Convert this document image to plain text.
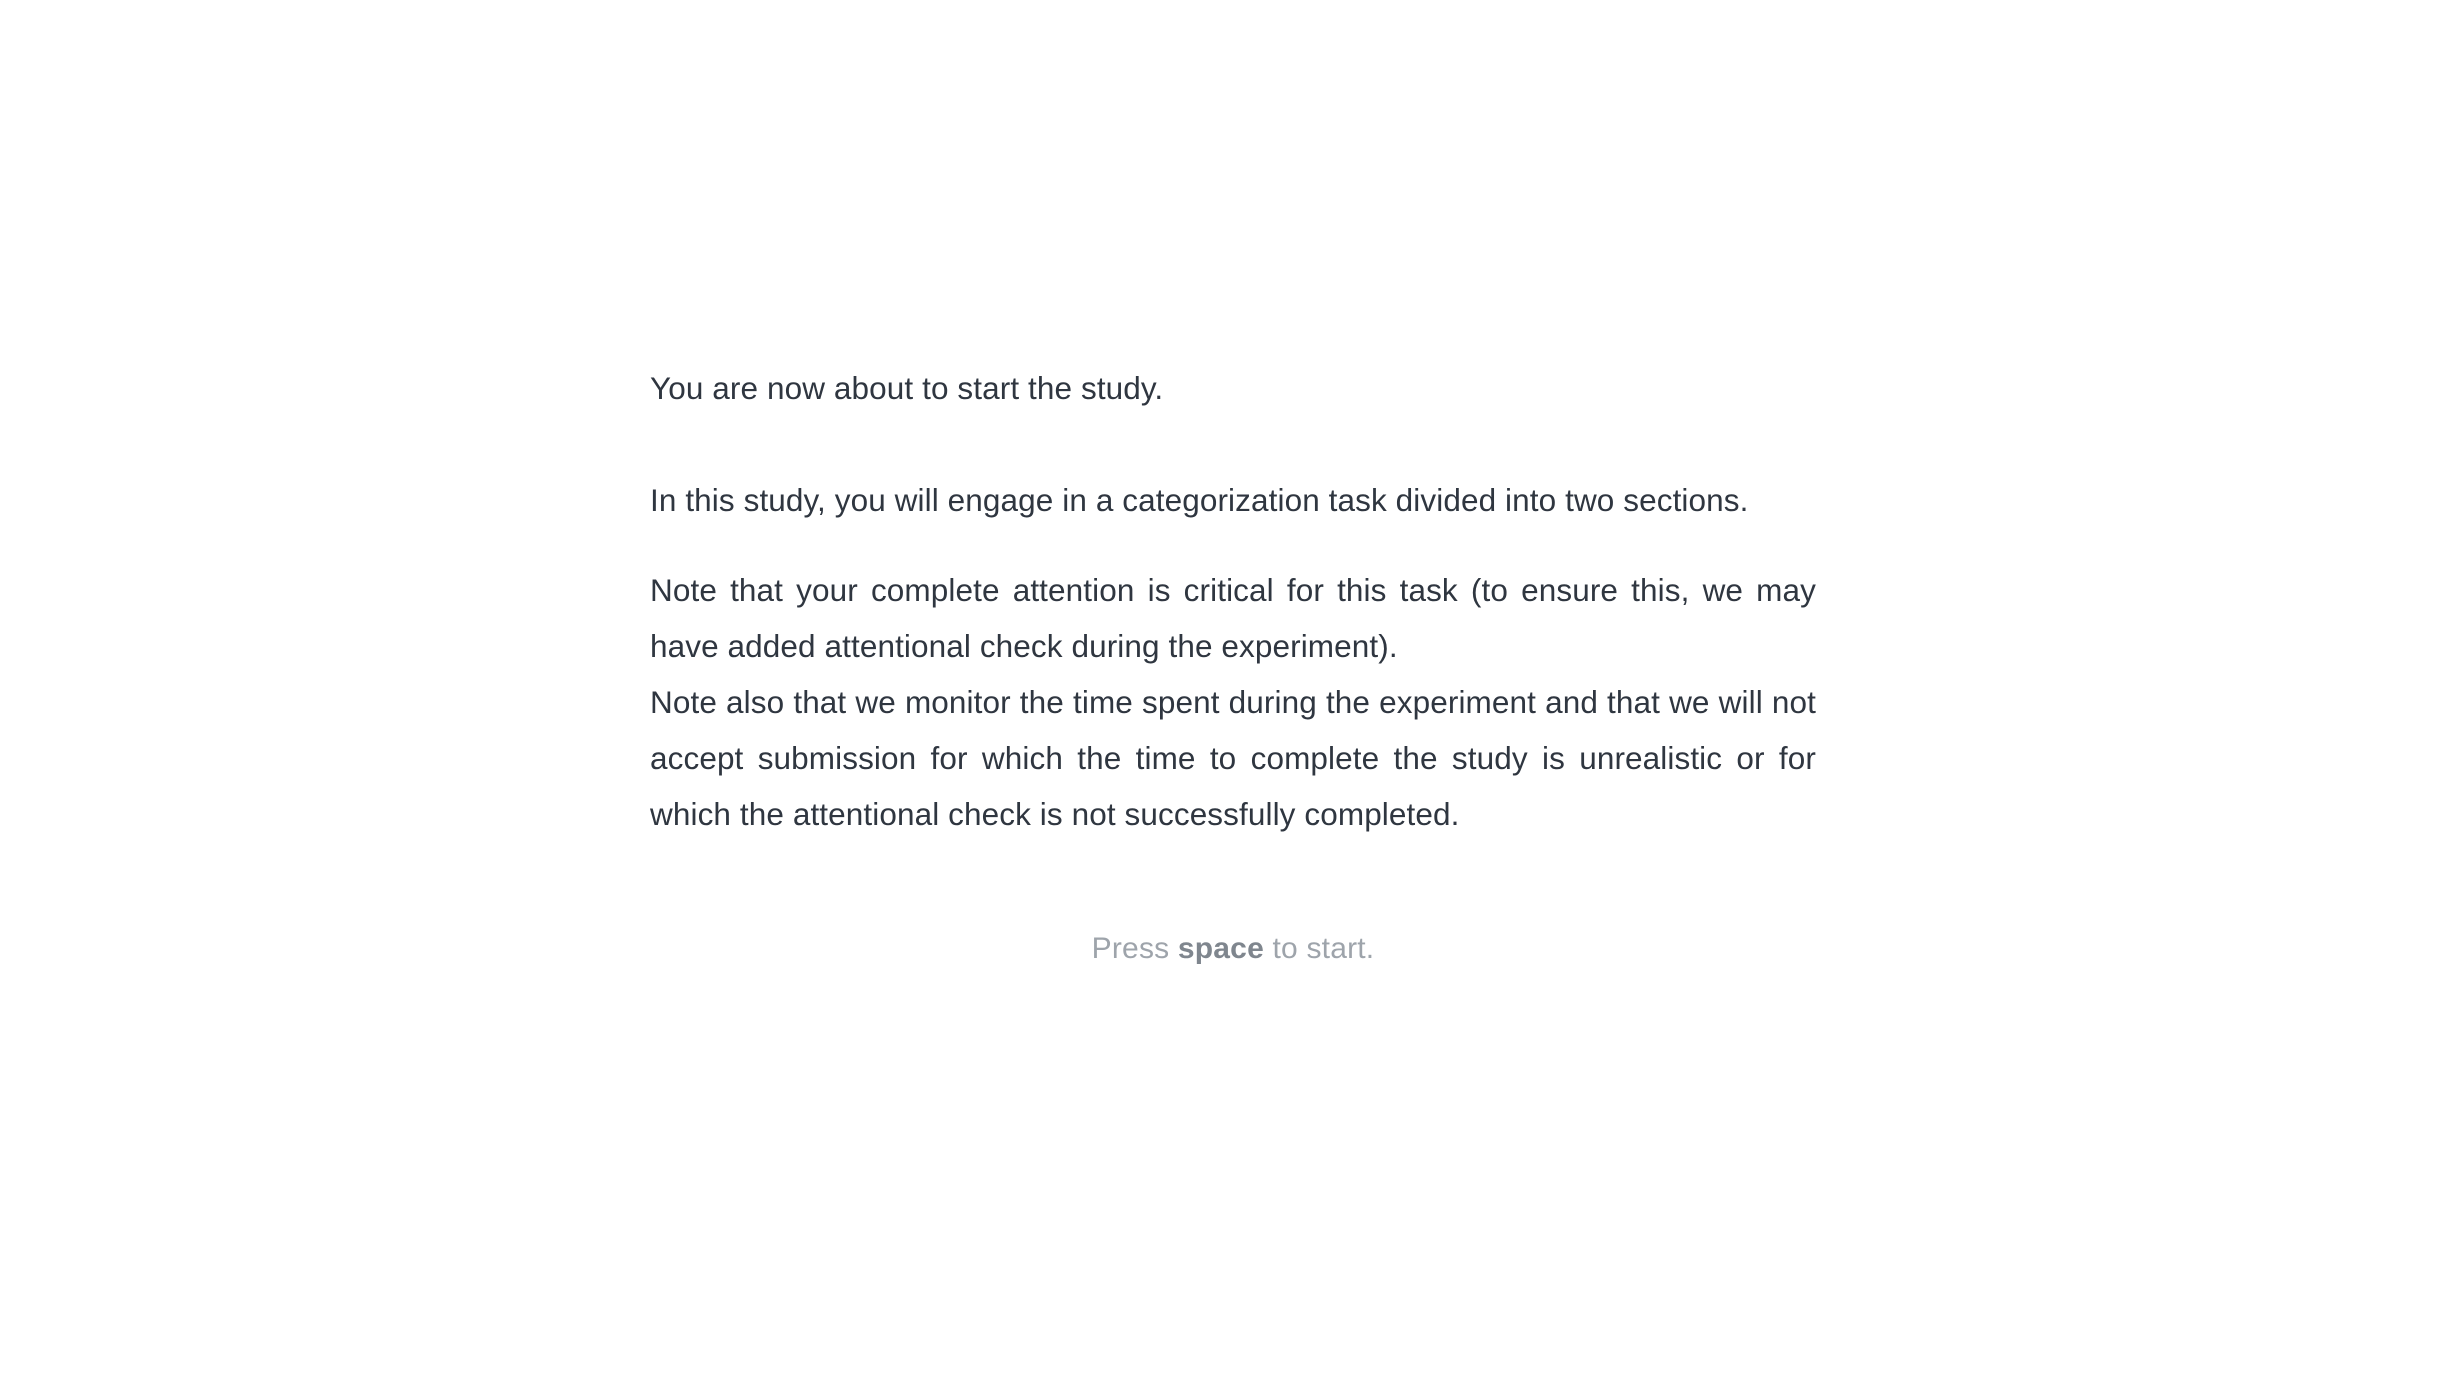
You are now about to start the study.

In this study, you will engage in a categorization task divided into two sections.

Note that your complete attention is critical for this task (to ensure this, we may have added attentional check during the experiment).

Note also that we monitor the time spent during the experiment and that we will not accept submission for which the time to complete the study is unrealistic or for which the attentional check is not successfully completed.

Press space to start.
